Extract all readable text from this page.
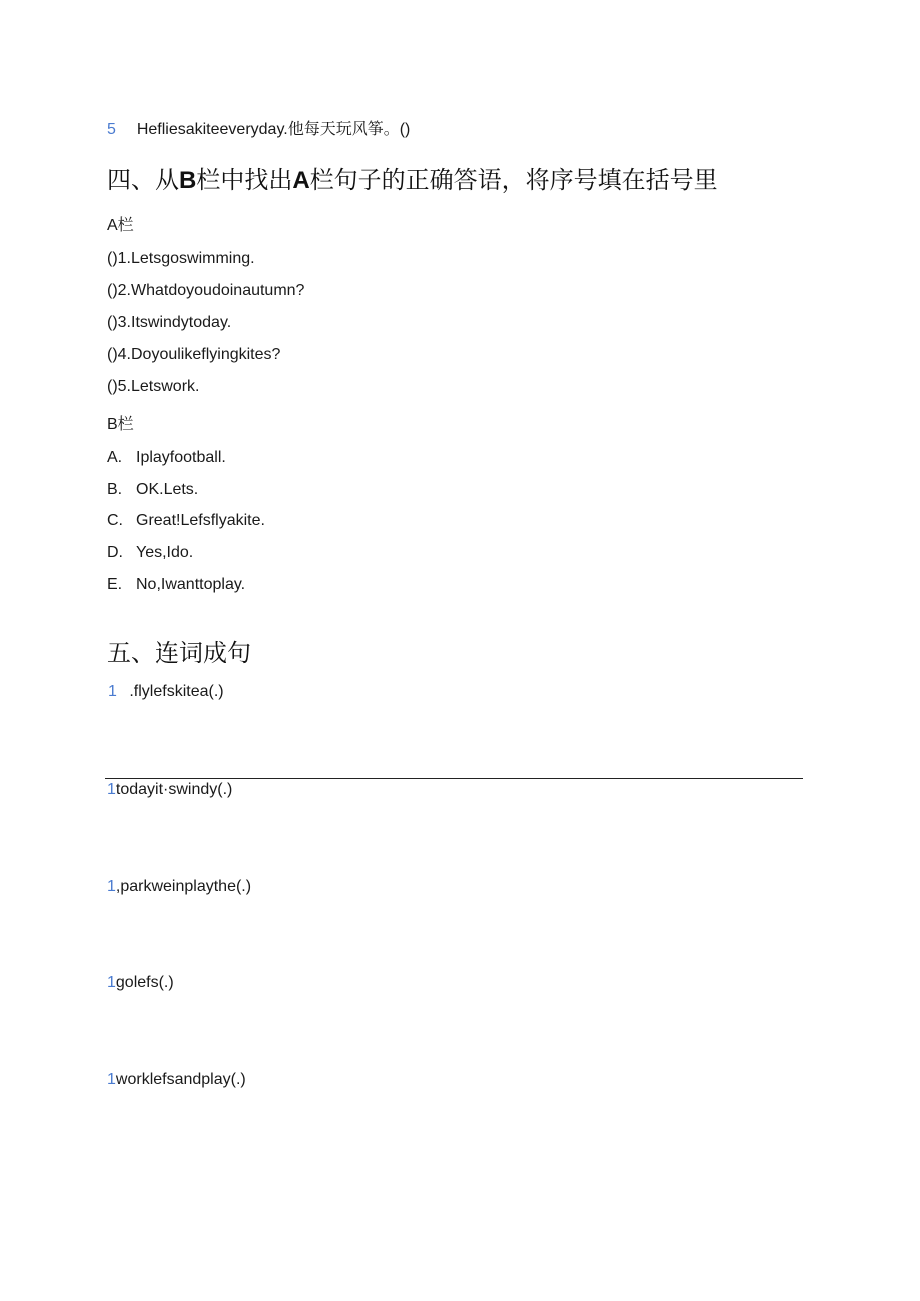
5 Hefliesakiteeveryday.他每天玩风筝。()
四、从B栏中找出A栏句子的正确答语，将序号填在括号里
A栏
()1.Letsgoswimming.
()2.Whatdoyoudoinautumn?
()3.Itswindytoday.
()4.Doyoulikeflyingkites?
()5.Letswork.
B栏
A. Iplayfootball.
B. OK.Lets.
C. Great!Lefsflyakite.
D. Yes,Ido.
E. No,Iwanttoplay.
五、连词成句
1 .flylefskitea(.)
1todayit·swindy(.)
1,parkweinplaythe(.)
1golefs(.)
1worklefsandplay(.)
